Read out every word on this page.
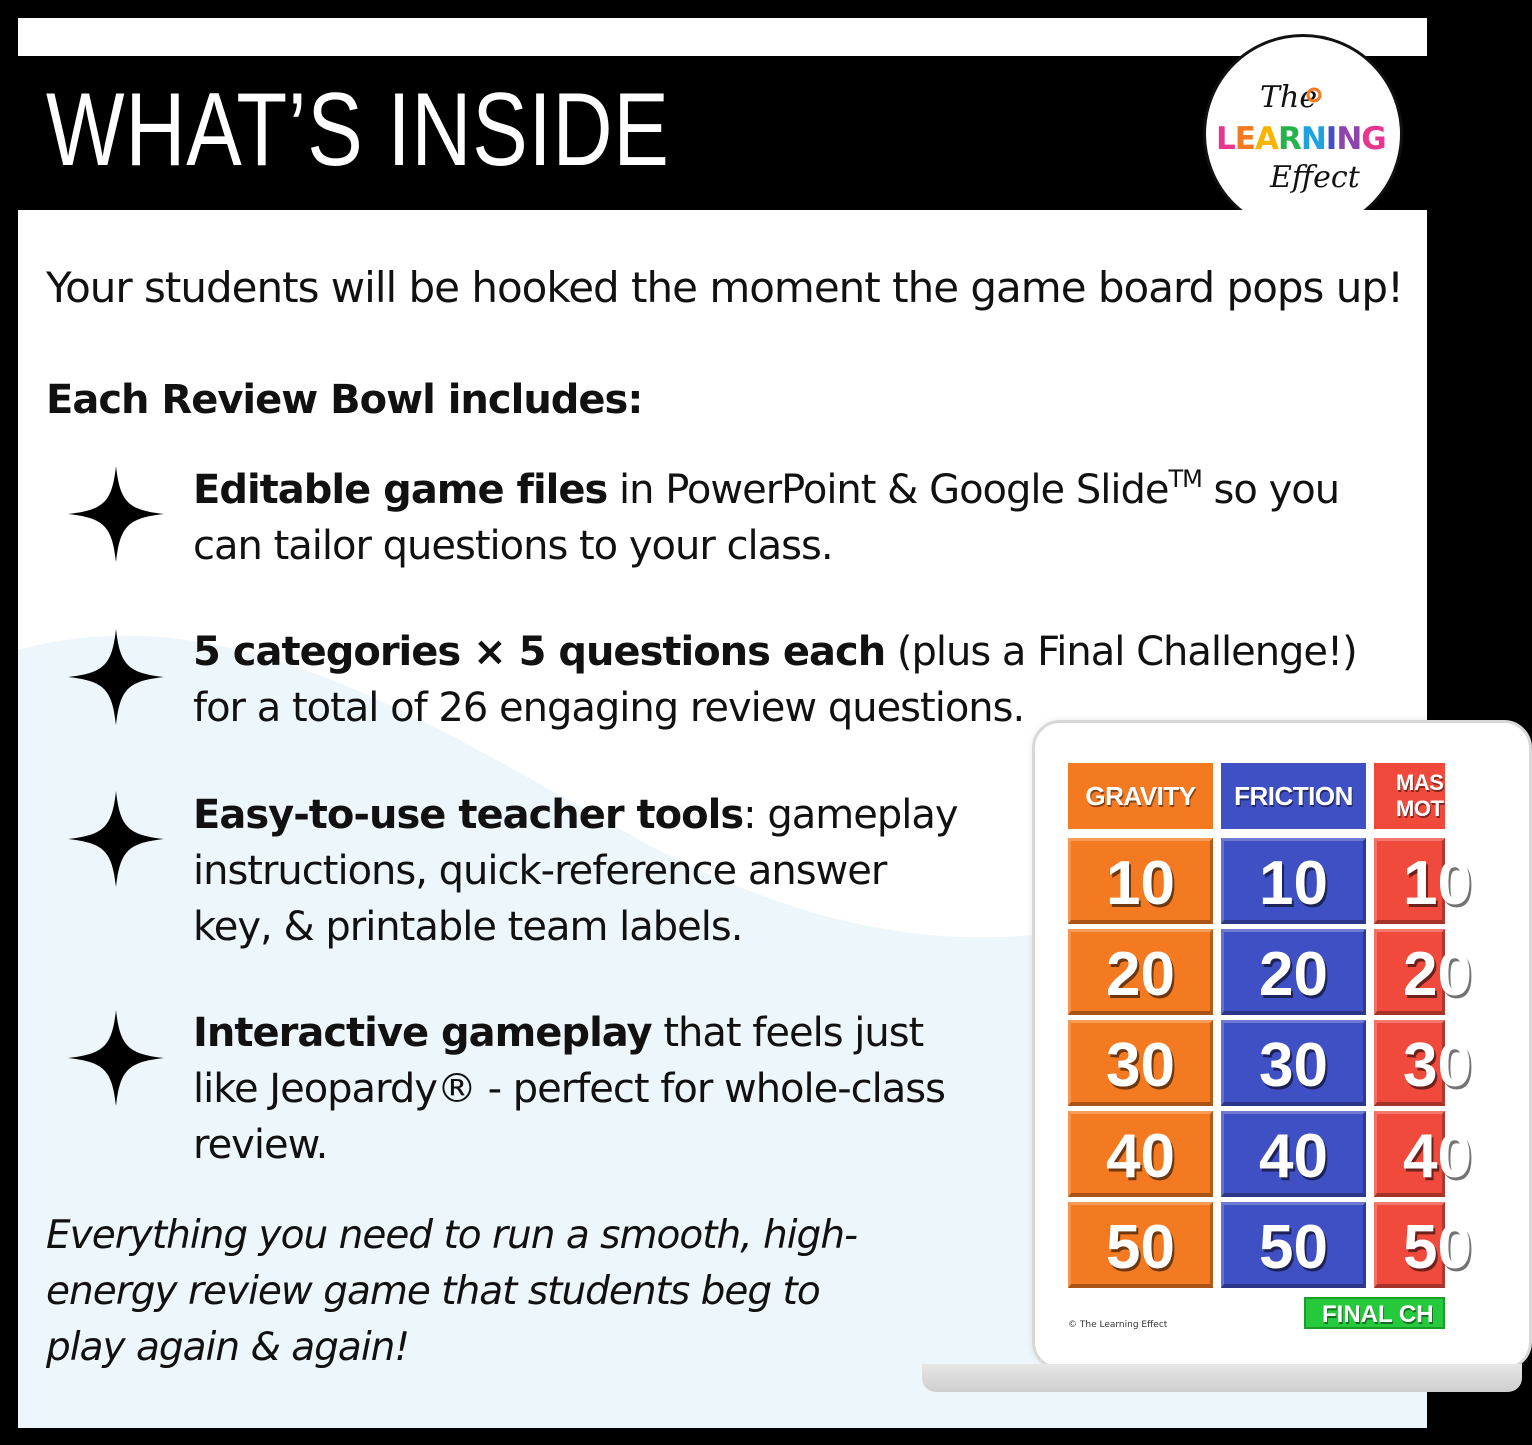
WHAT’S INSIDE	The
LEARNING
Effect
Your students will be hooked the moment the game board pops up!
Each Review Bowl includes:
Editable game files in PowerPoint & Google Slide™ so you can tailor questions to your class.
5 categories × 5 questions each (plus a Final Challenge!) for a total of 26 engaging review questions.
Easy-to-use teacher tools: gameplay instructions, quick-reference answer key, & printable team labels.
Interactive gameplay that feels just like Jeopardy® - perfect for whole-class review.
Everything you need to run a smooth, high-energy review game that students beg to play again & again!
GRAVITY
10
20
30
40
50
FRICTION
10
20
30
40
50
MAS
MOT
10
20
30
40
50
FINAL CH
© The Learning Effect
